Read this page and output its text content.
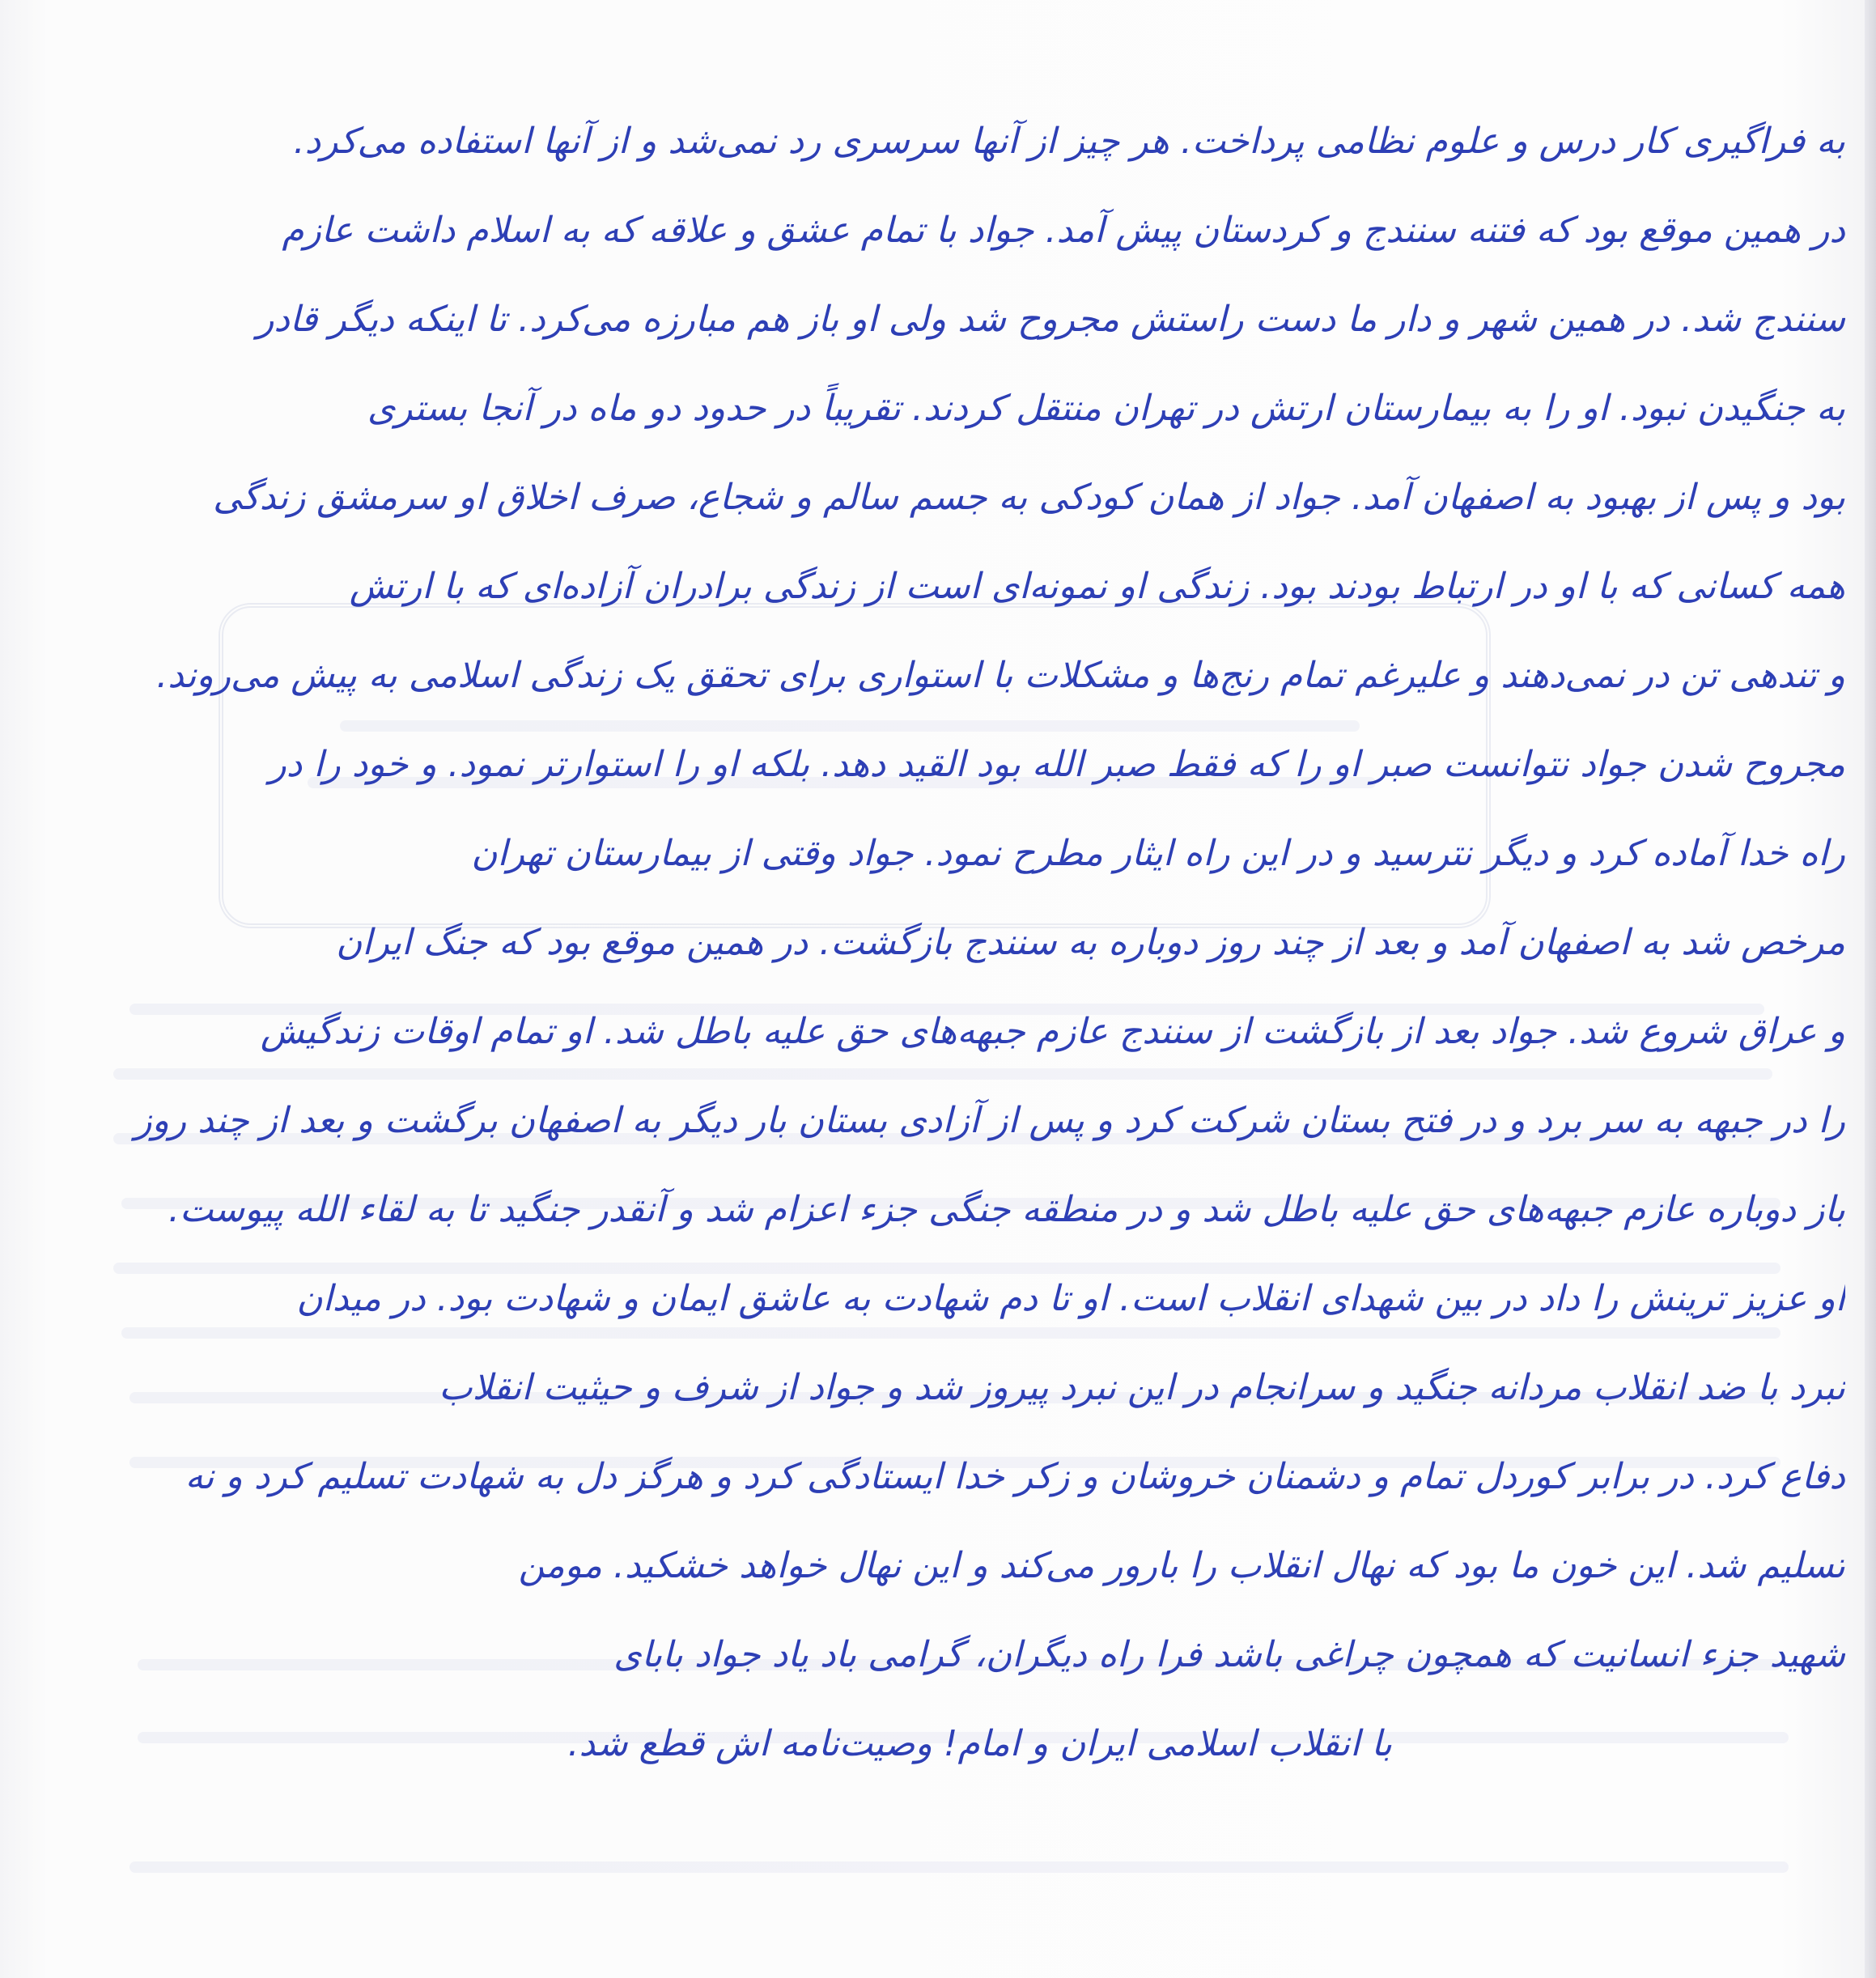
به فراگیری کار درس و علوم نظامی پرداخت. هر چیز از آنها سرسری رد نمی‌شد و از آنها استفاده می‌کرد.
در همین موقع بود که فتنه سنندج و کردستان پیش آمد. جواد با تمام عشق و علاقه که به اسلام داشت عازم
سنندج شد. در همین شهر و دار ما دست راستش مجروح شد ولی او باز هم مبارزه می‌کرد. تا اینکه دیگر قادر
به جنگیدن نبود. او را به بیمارستان ارتش در تهران منتقل کردند. تقریباً در حدود دو ماه در آنجا بستری
بود و پس از بهبود به اصفهان آمد. جواد از همان کودکی به جسم سالم و شجاع، صرف اخلاق او سرمشق زندگی
همه کسانی که با او در ارتباط بودند بود. زندگی او نمونه‌ای است از زندگی برادران آزاده‌ای که با ارتش
و تندهی تن در نمی‌دهند و علیرغم تمام رنج‌ها و مشکلات با استواری برای تحقق یک زندگی اسلامی به پیش می‌روند.
مجروح شدن جواد نتوانست صبر او را که فقط صبر الله بود القید دهد. بلکه او را استوارتر نمود. و خود را در
راه خدا آماده کرد و دیگر نترسید و در این راه ایثار مطرح نمود. جواد وقتی از بیمارستان تهران
مرخص شد به اصفهان آمد و بعد از چند روز دوباره به سنندج بازگشت. در همین موقع بود که جنگ ایران
و عراق شروع شد. جواد بعد از بازگشت از سنندج عازم جبهه‌های حق علیه باطل شد. او تمام اوقات زندگیش
را در جبهه به سر برد و در فتح بستان شرکت کرد و پس از آزادی بستان بار دیگر به اصفهان برگشت و بعد از چند روز
باز دوباره عازم جبهه‌های حق علیه باطل شد و در منطقه جنگی جزء اعزام شد و آنقدر جنگید تا به لقاء الله پیوست.
او عزیز ترینش را داد در بین شهدای انقلاب است. او تا دم شهادت به عاشق ایمان و شهادت بود. در میدان
نبرد با ضد انقلاب مردانه جنگید و سرانجام در این نبرد پیروز شد و جواد از شرف و حیثیت انقلاب
دفاع کرد. در برابر کوردل تمام و دشمنان خروشان و زکر خدا ایستادگی کرد و هرگز دل به شهادت تسلیم کرد و نه
تسلیم شد. این خون ما بود که نهال انقلاب را بارور می‌کند و این نهال خواهد خشکید. مومن
شهید جزء انسانیت که همچون چراغی باشد فرا راه دیگران، گرامی باد یاد جواد بابای
با انقلاب اسلامی ایران و امام! وصیت‌نامه اش قطع شد.
